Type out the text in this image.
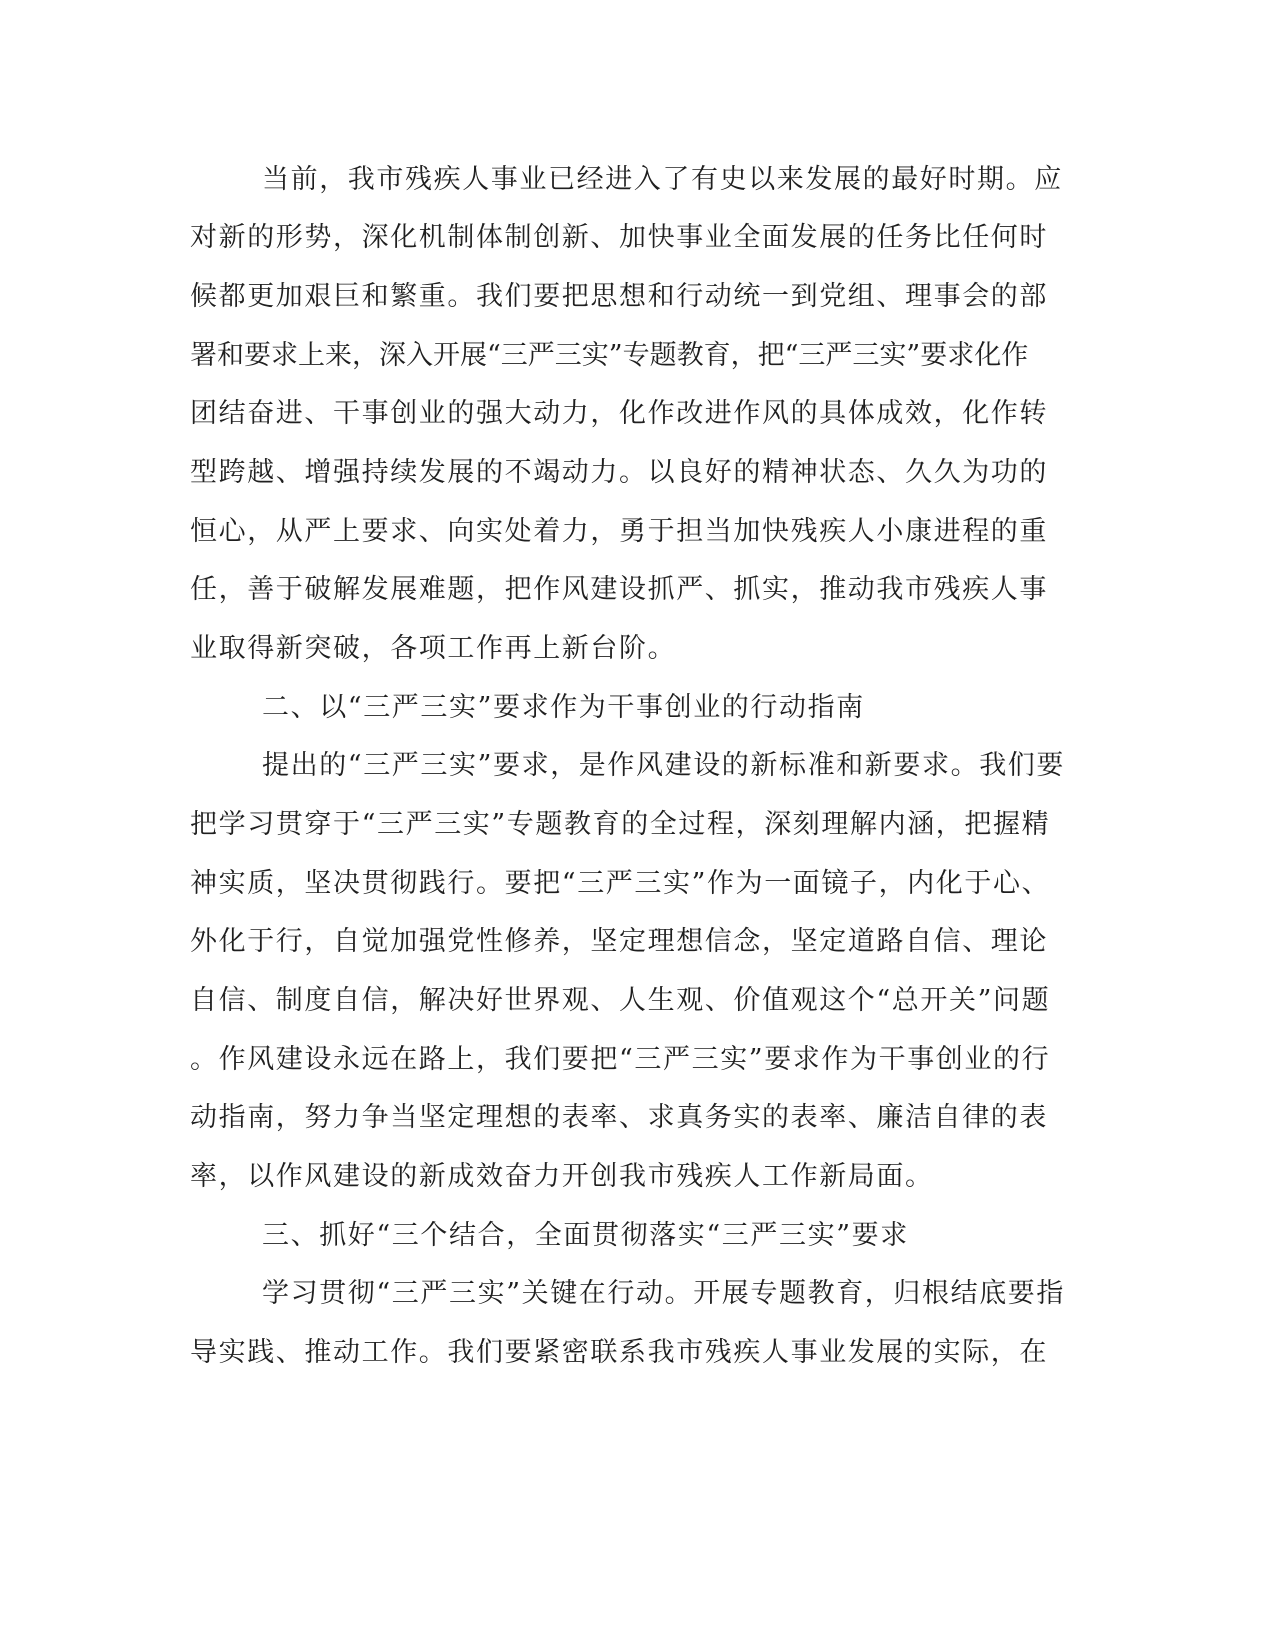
当前，我市残疾人事业已经进入了有史以来发展的最好时期。应
对新的形势，深化机制体制创新、加快事业全面发展的任务比任何时
候都更加艰巨和繁重。我们要把思想和行动统一到党组、理事会的部
署和要求上来，深入开展“三严三实”专题教育，把“三严三实”要求化作
团结奋进、干事创业的强大动力，化作改进作风的具体成效，化作转
型跨越、增强持续发展的不竭动力。以良好的精神状态、久久为功的
恒心，从严上要求、向实处着力，勇于担当加快残疾人小康进程的重
任，善于破解发展难题，把作风建设抓严、抓实，推动我市残疾人事
业取得新突破，各项工作再上新台阶。
二、以“三严三实”要求作为干事创业的行动指南
提出的“三严三实”要求，是作风建设的新标准和新要求。我们要
把学习贯穿于“三严三实”专题教育的全过程，深刻理解内涵，把握精
神实质，坚决贯彻践行。要把“三严三实”作为一面镜子，内化于心、
外化于行，自觉加强党性修养，坚定理想信念，坚定道路自信、理论
自信、制度自信，解决好世界观、人生观、价值观这个“总开关”问题
。作风建设永远在路上，我们要把“三严三实”要求作为干事创业的行
动指南，努力争当坚定理想的表率、求真务实的表率、廉洁自律的表
率，以作风建设的新成效奋力开创我市残疾人工作新局面。
三、抓好“三个结合，全面贯彻落实“三严三实”要求
学习贯彻“三严三实”关键在行动。开展专题教育，归根结底要指
导实践、推动工作。我们要紧密联系我市残疾人事业发展的实际，在
